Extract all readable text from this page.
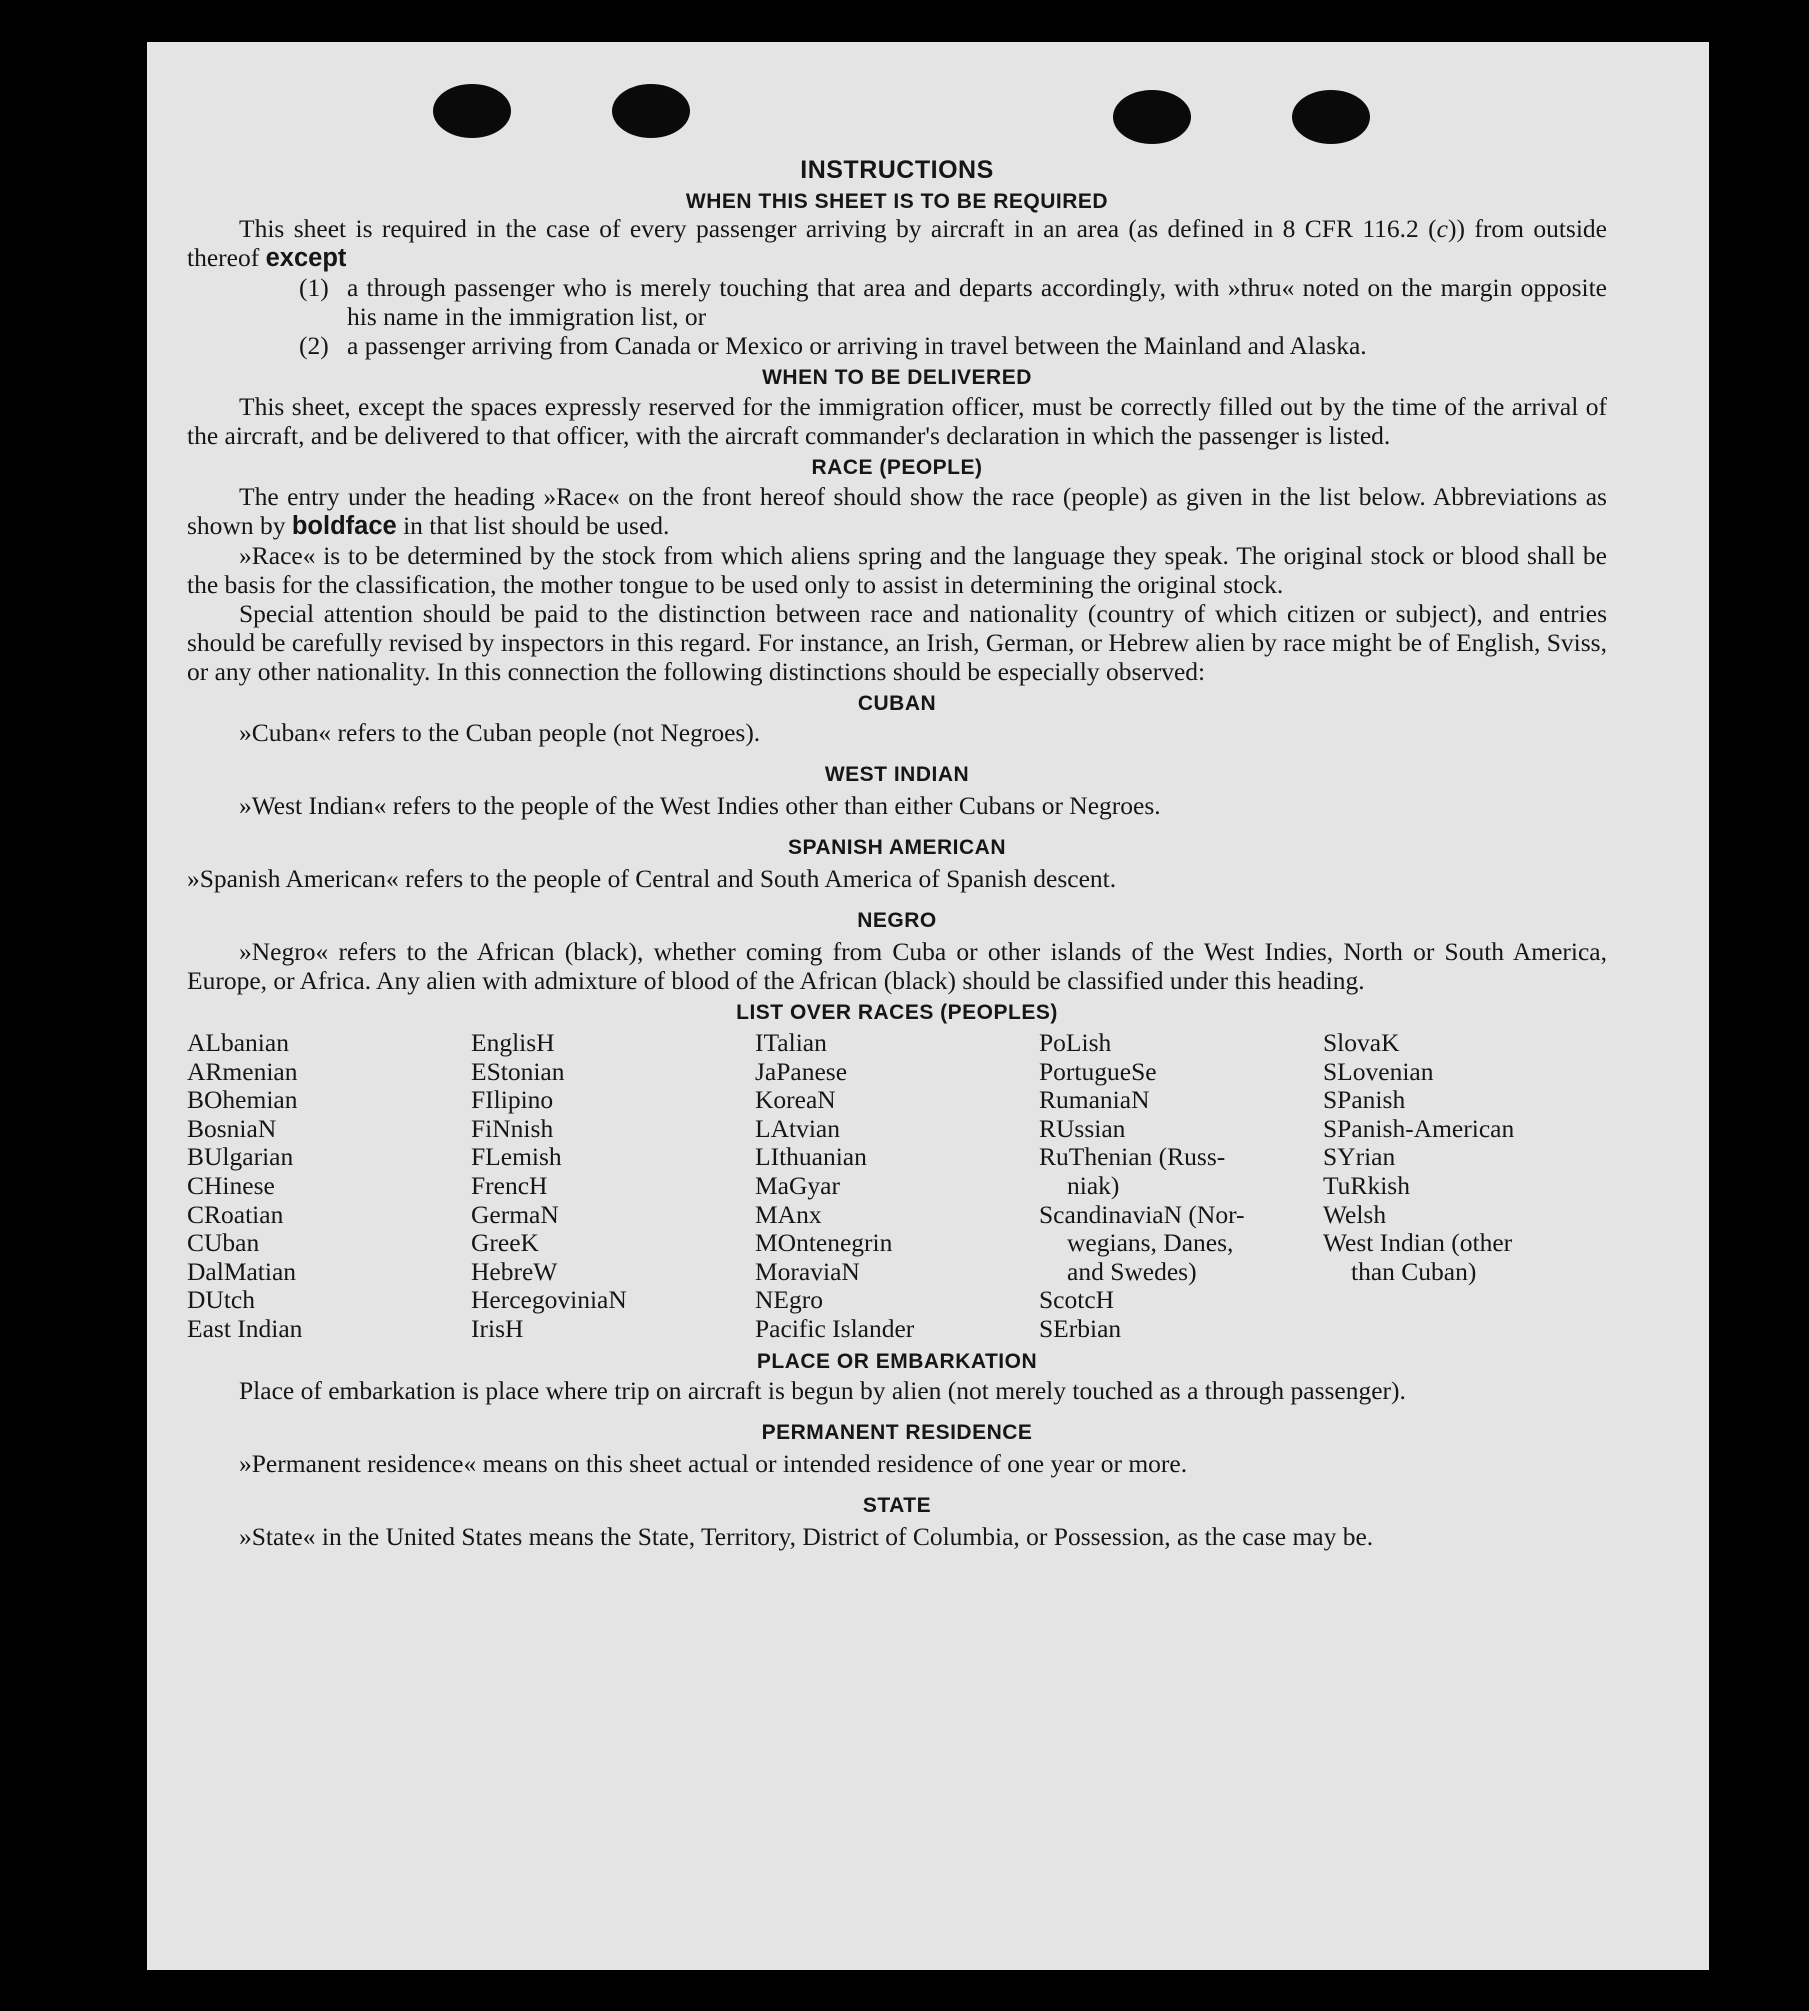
INSTRUCTIONS
WHEN THIS SHEET IS TO BE REQUIRED

This sheet is required in the case of every passenger arriving by aircraft in an area (as defined in 8 CFR 116.2 (c)) from outside thereof except

(1) a through passenger who is merely touching that area and departs accordingly, with »thru« noted on the margin opposite his name in the immigration list, or
(2) a passenger arriving from Canada or Mexico or arriving in travel between the Mainland and Alaska.
WHEN TO BE DELIVERED

This sheet, except the spaces expressly reserved for the immigration officer, must be correctly filled out by the time of the arrival of the aircraft, and be delivered to that officer, with the aircraft commander's declaration in which the passenger is listed.

RACE (PEOPLE)

The entry under the heading »Race« on the front hereof should show the race (people) as given in the list below. Abbreviations as shown by boldface in that list should be used.

»Race« is to be determined by the stock from which aliens spring and the language they speak. The original stock or blood shall be the basis for the classification, the mother tongue to be used only to assist in determining the original stock.

Special attention should be paid to the distinction between race and nationality (country of which citizen or subject), and entries should be carefully revised by inspectors in this regard. For instance, an Irish, German, or Hebrew alien by race might be of English, Sviss, or any other nationality. In this connection the following distinctions should be especially observed:

CUBAN

»Cuban« refers to the Cuban people (not Negroes).

WEST INDIAN

»West Indian« refers to the people of the West Indies other than either Cubans or Negroes.

SPANISH AMERICAN

»Spanish American« refers to the people of Central and South America of Spanish descent.

NEGRO

»Negro« refers to the African (black), whether coming from Cuba or other islands of the West Indies, North or South America, Europe, or Africa. Any alien with admixture of blood of the African (black) should be classified under this heading.

LIST OVER RACES (PEOPLES)
ALbanian
ARmenian
BOhemian
BosniaN
BUlgarian
CHinese
CRoatian
CUban
DalMatian
DUtch
East Indian
EnglisH
EStonian
FIlipino
FiNnish
FLemish
FrencH
GermaN
GreeK
HebreW
HercegoviniaN
IrisH
ITalian
JaPanese
KoreaN
LAtvian
LIthuanian
MaGyar
MAnx
MOntenegrin
MoraviaN
NEgro
Pacific Islander
PoLish
PortugueSe
RumaniaN
RUssian
RuThenian (Russ-
niak)
ScandinaviaN (Nor-
wegians, Danes,
and Swedes)
ScotcH
SErbian
SlovaK
SLovenian
SPanish
SPanish-American
SYrian
TuRkish
Welsh
West Indian (other
than Cuban)
PLACE OR EMBARKATION

Place of embarkation is place where trip on aircraft is begun by alien (not merely touched as a through passenger).

PERMANENT RESIDENCE

»Permanent residence« means on this sheet actual or intended residence of one year or more.

STATE

»State« in the United States means the State, Territory, District of Columbia, or Possession, as the case may be.
